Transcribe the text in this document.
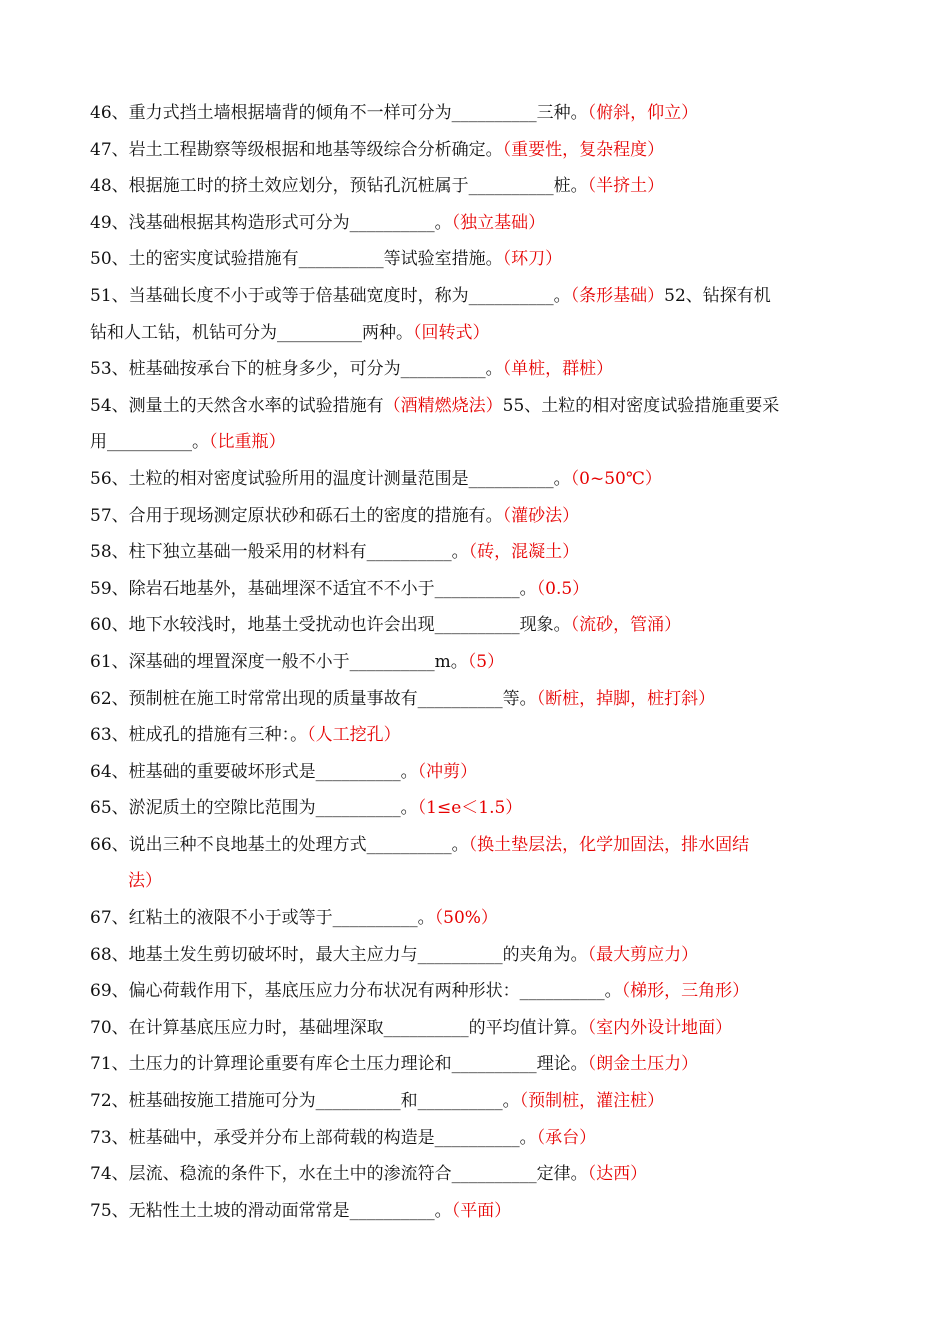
46、重力式挡土墙根据墙背的倾角不一样可分为__________三种。（俯斜，仰立）
47、岩土工程勘察等级根据和地基等级综合分析确定。（重要性，复杂程度）
48、根据施工时的挤土效应划分，预钻孔沉桩属于__________桩。（半挤土）
49、浅基础根据其构造形式可分为__________。（独立基础）
50、土的密实度试验措施有__________等试验室措施。（环刀）
51、当基础长度不小于或等于倍基础宽度时，称为__________。（条形基础）52、钻探有机
钻和人工钻，机钻可分为__________两种。（回转式）
53、桩基础按承台下的桩身多少，可分为__________。（单桩，群桩）
54、测量土的天然含水率的试验措施有（酒精燃烧法）55、土粒的相对密度试验措施重要采
用__________。（比重瓶）
56、土粒的相对密度试验所用的温度计测量范围是__________。（0~50℃）
57、合用于现场测定原状砂和砾石土的密度的措施有。（灌砂法）
58、柱下独立基础一般采用的材料有__________。（砖，混凝土）
59、除岩石地基外，基础埋深不适宜不不小于__________。（0.5）
60、地下水较浅时，地基土受扰动也许会出现__________现象。（流砂，管涌）
61、深基础的埋置深度一般不小于__________m。（5）
62、预制桩在施工时常常出现的质量事故有__________等。（断桩，掉脚，桩打斜）
63、桩成孔的措施有三种：。（人工挖孔）
64、桩基础的重要破坏形式是__________。（冲剪）
65、淤泥质土的空隙比范围为__________。（1≤e＜1.5）
66、说出三种不良地基土的处理方式__________。（换土垫层法，化学加固法，排水固结
法）
67、红粘土的液限不小于或等于__________。（50%）
68、地基土发生剪切破坏时，最大主应力与__________的夹角为。（最大剪应力）
69、偏心荷载作用下，基底压应力分布状况有两种形状：__________。（梯形，三角形）
70、在计算基底压应力时，基础埋深取__________的平均值计算。（室内外设计地面）
71、土压力的计算理论重要有库仑土压力理论和__________理论。（朗金土压力）
72、桩基础按施工措施可分为__________和__________。（预制桩，灌注桩）
73、桩基础中，承受并分布上部荷载的构造是__________。（承台）
74、层流、稳流的条件下，水在土中的渗流符合__________定律。（达西）
75、无粘性土土坡的滑动面常常是__________。（平面）
